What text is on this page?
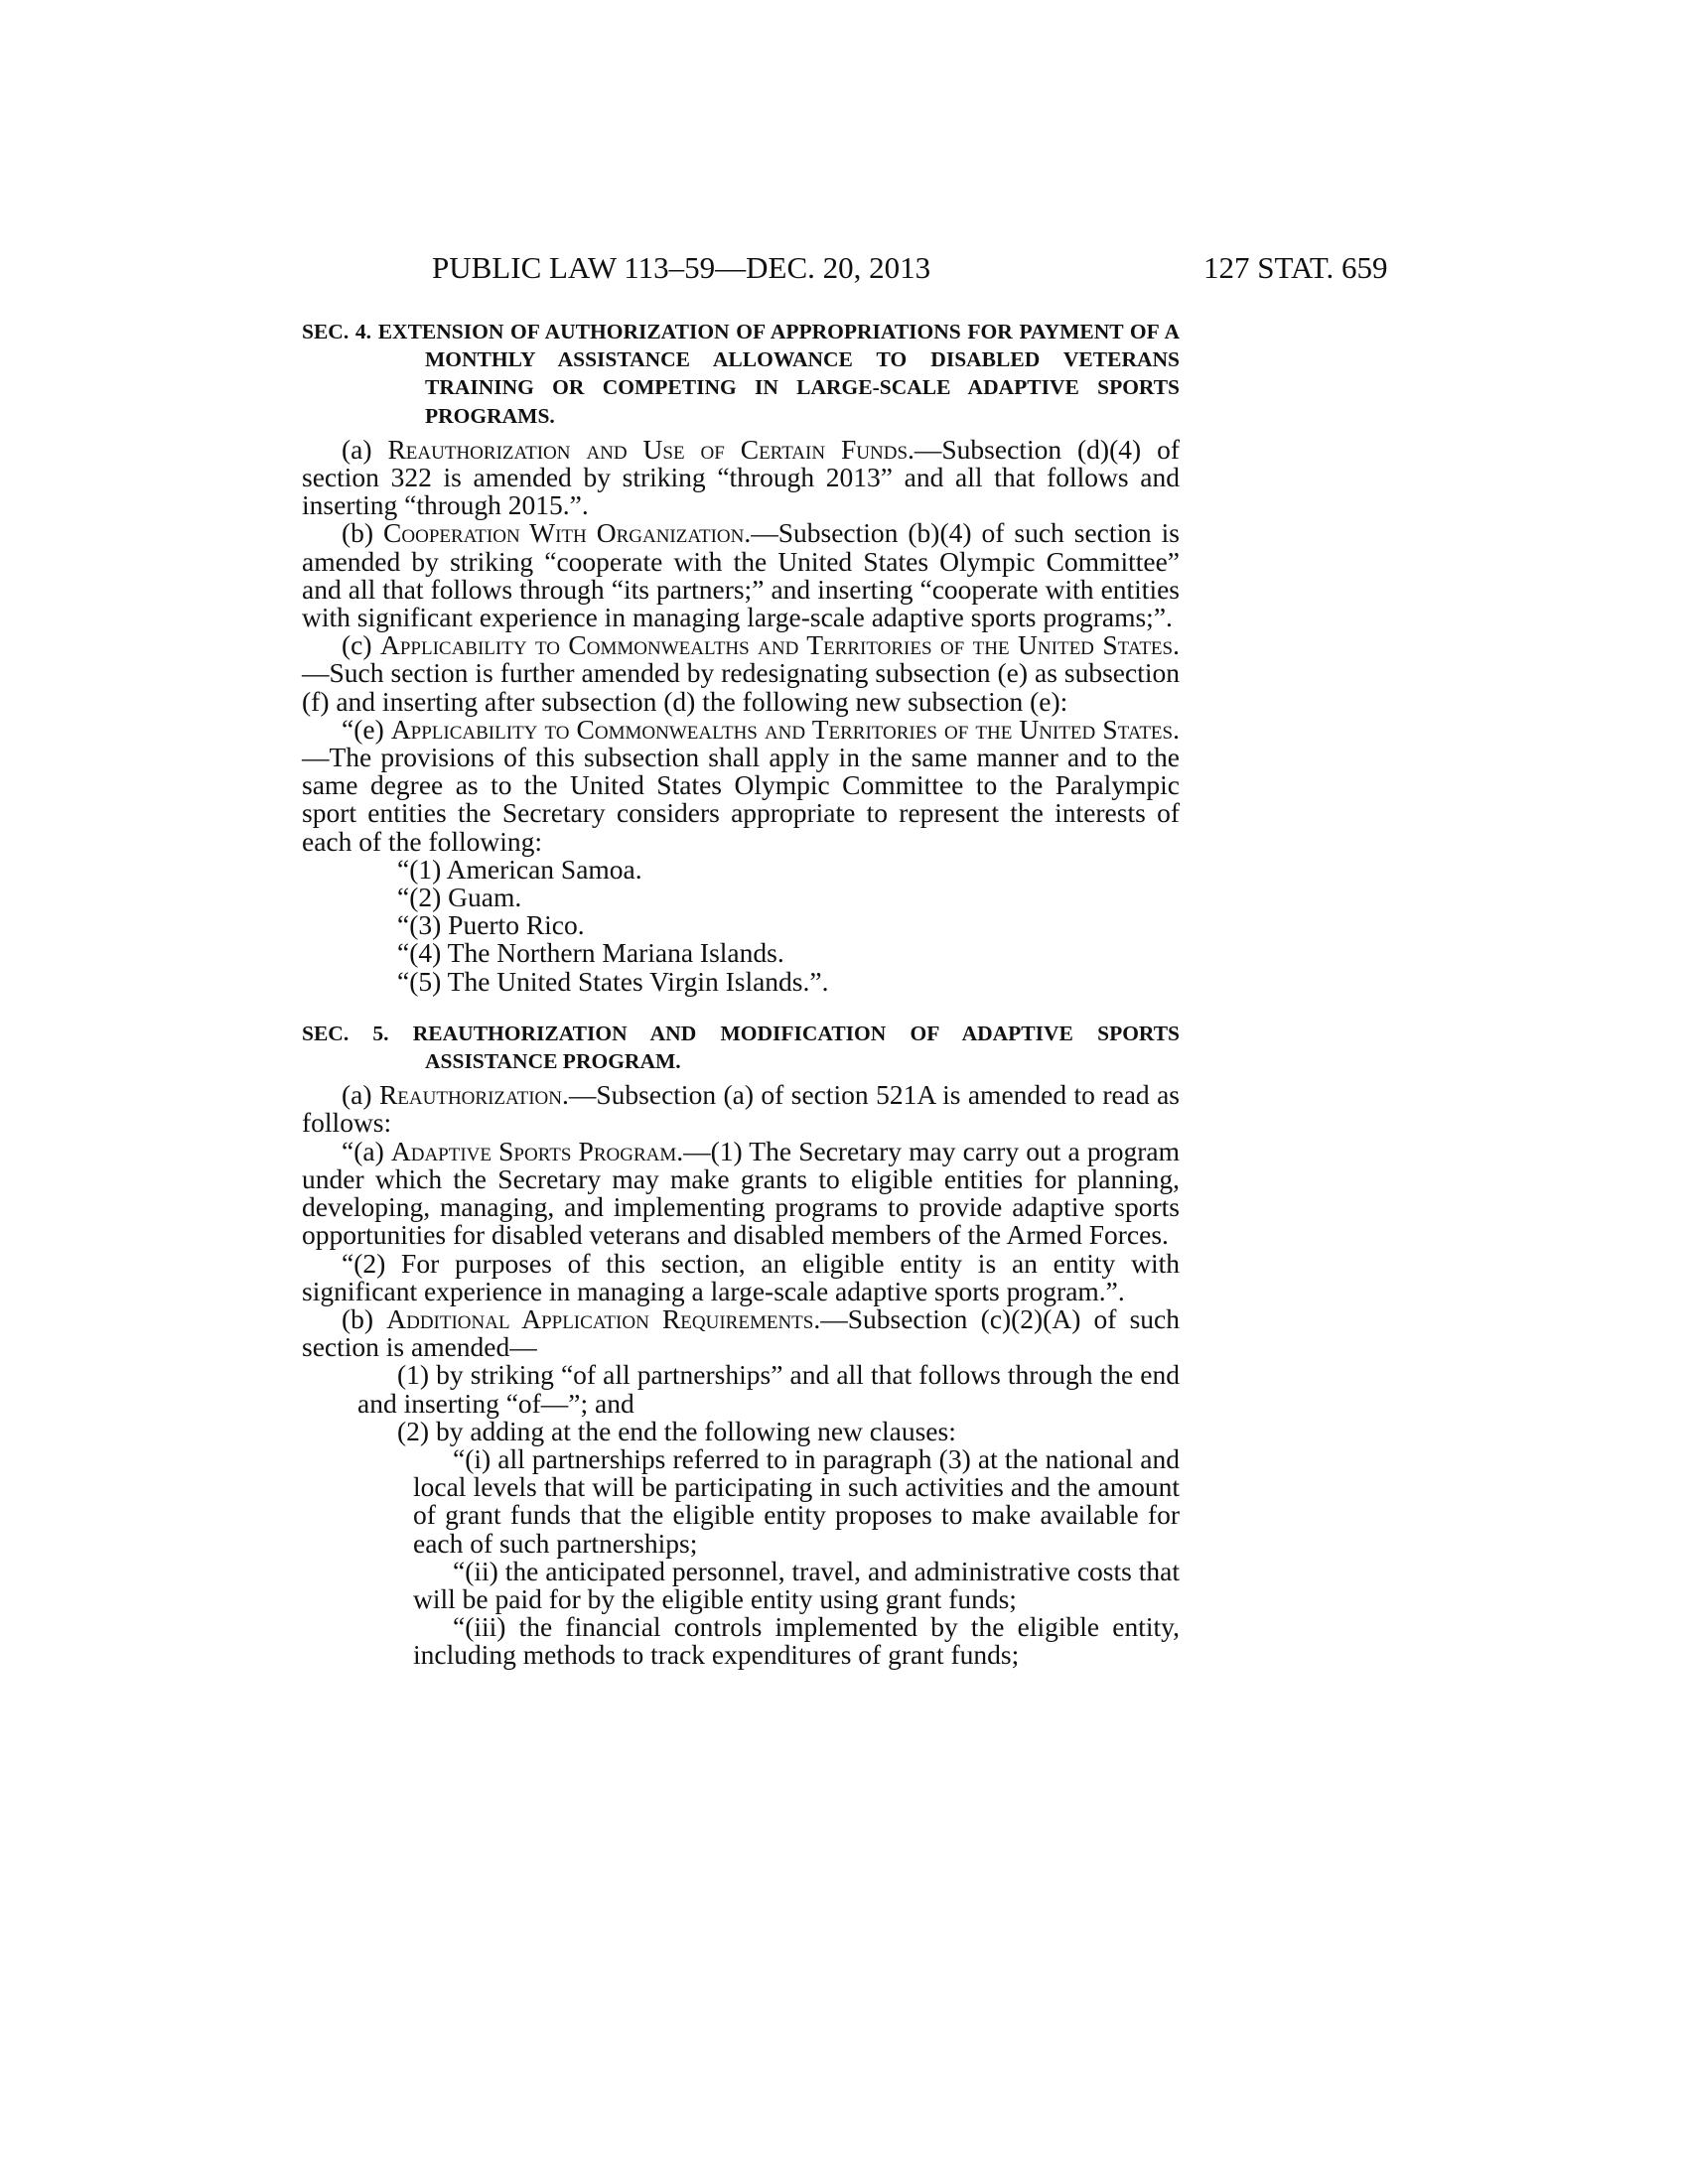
PUBLIC LAW 113–59—DEC. 20, 2013	127 STAT. 659

SEC. 4. EXTENSION OF AUTHORIZATION OF APPROPRIATIONS FOR PAYMENT OF A MONTHLY ASSISTANCE ALLOWANCE TO DISABLED VETERANS TRAINING OR COMPETING IN LARGE-SCALE ADAPTIVE SPORTS PROGRAMS.

(a) Reauthorization and Use of Certain Funds.—Subsection (d)(4) of section 322 is amended by striking “through 2013” and all that follows and inserting “through 2015.”.

(b) Cooperation With Organization.—Subsection (b)(4) of such section is amended by striking “cooperate with the United States Olympic Committee” and all that follows through “its partners;” and inserting “cooperate with entities with significant experience in managing large-scale adaptive sports programs;”.

(c) Applicability to Commonwealths and Territories of the United States.—Such section is further amended by redesignating subsection (e) as subsection (f) and inserting after subsection (d) the following new subsection (e):

“(e) Applicability to Commonwealths and Territories of the United States.—The provisions of this subsection shall apply in the same manner and to the same degree as to the United States Olympic Committee to the Paralympic sport entities the Secretary considers appropriate to represent the interests of each of the following:

“(1) American Samoa.

“(2) Guam.

“(3) Puerto Rico.

“(4) The Northern Mariana Islands.

“(5) The United States Virgin Islands.”.

SEC. 5. REAUTHORIZATION AND MODIFICATION OF ADAPTIVE SPORTS ASSISTANCE PROGRAM.

(a) Reauthorization.—Subsection (a) of section 521A is amended to read as follows:

“(a) Adaptive Sports Program.—(1) The Secretary may carry out a program under which the Secretary may make grants to eligible entities for planning, developing, managing, and implementing programs to provide adaptive sports opportunities for disabled veterans and disabled members of the Armed Forces.

“(2) For purposes of this section, an eligible entity is an entity with significant experience in managing a large-scale adaptive sports program.”.

(b) Additional Application Requirements.—Subsection (c)(2)(A) of such section is amended—

(1) by striking “of all partnerships” and all that follows through the end and inserting “of—”; and

(2) by adding at the end the following new clauses:

“(i) all partnerships referred to in paragraph (3) at the national and local levels that will be participating in such activities and the amount of grant funds that the eligible entity proposes to make available for each of such partnerships;

“(ii) the anticipated personnel, travel, and administrative costs that will be paid for by the eligible entity using grant funds;

“(iii) the financial controls implemented by the eligible entity, including methods to track expenditures of grant funds;
